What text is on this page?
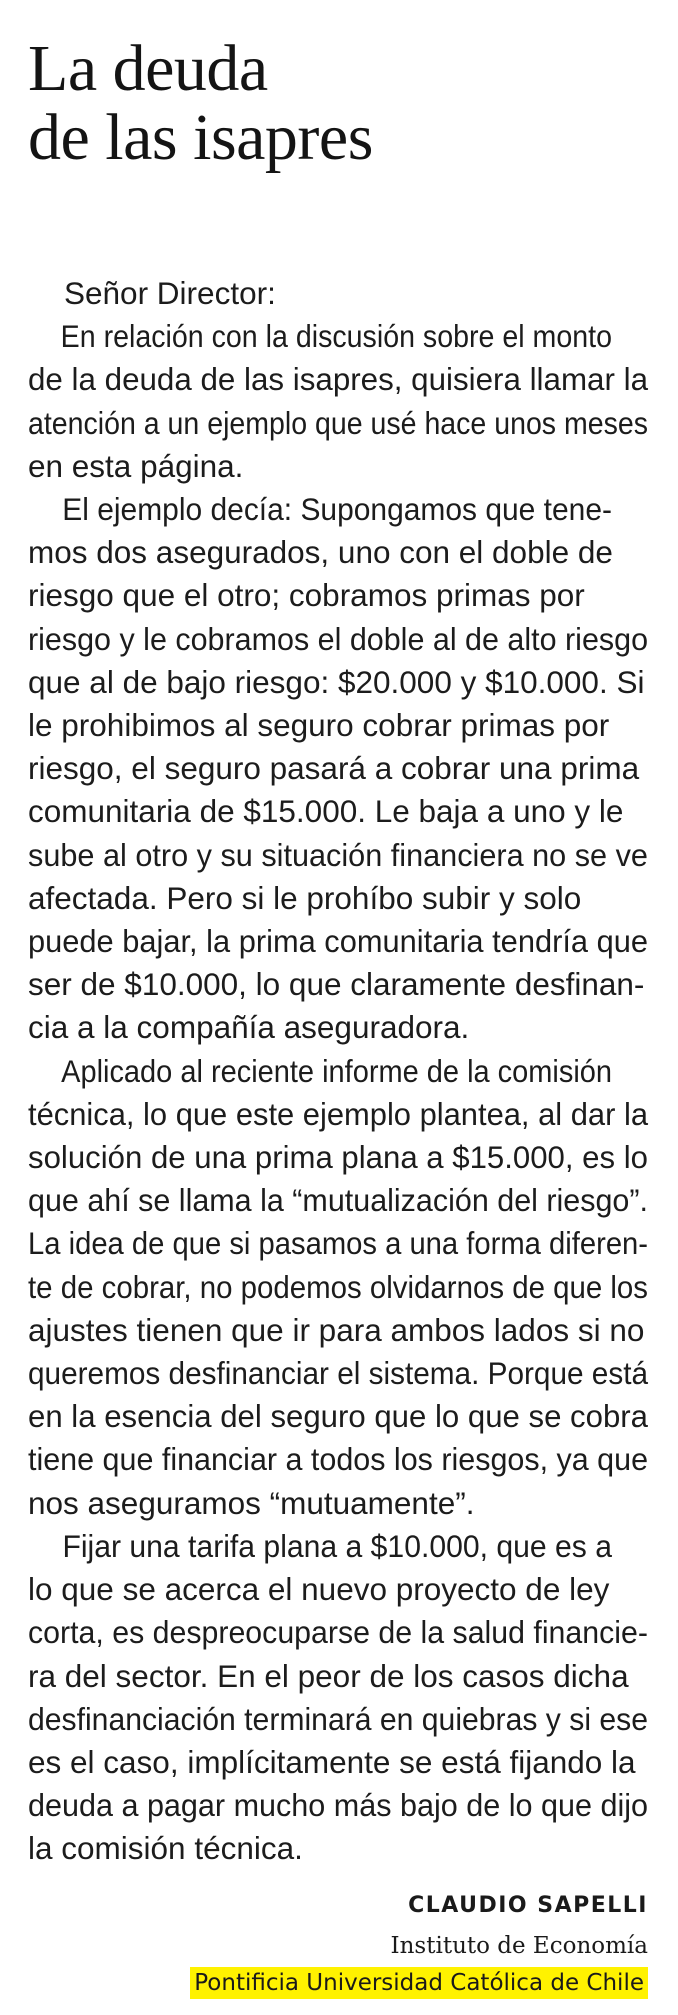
La deuda
de las isapres

Señor Director:

En relación con la discusión sobre el monto
de la deuda de las isapres, quisiera llamar la
atención a un ejemplo que usé hace unos meses
en esta página.

El ejemplo decía: Supongamos que tene-
mos dos asegurados, uno con el doble de
riesgo que el otro; cobramos primas por
riesgo y le cobramos el doble al de alto riesgo
que al de bajo riesgo: $20.000 y $10.000. Si
le prohibimos al seguro cobrar primas por
riesgo, el seguro pasará a cobrar una prima
comunitaria de $15.000. Le baja a uno y le
sube al otro y su situación financiera no se ve
afectada. Pero si le prohíbo subir y solo
puede bajar, la prima comunitaria tendría que
ser de $10.000, lo que claramente desfinan-
cia a la compañía aseguradora.

Aplicado al reciente informe de la comisión
técnica, lo que este ejemplo plantea, al dar la
solución de una prima plana a $15.000, es lo
que ahí se llama la “mutualización del riesgo”.
La idea de que si pasamos a una forma diferen-
te de cobrar, no podemos olvidarnos de que los
ajustes tienen que ir para ambos lados si no
queremos desfinanciar el sistema. Porque está
en la esencia del seguro que lo que se cobra
tiene que financiar a todos los riesgos, ya que
nos aseguramos “mutuamente”.

Fijar una tarifa plana a $10.000, que es a
lo que se acerca el nuevo proyecto de ley
corta, es despreocuparse de la salud financie-
ra del sector. En el peor de los casos dicha
desfinanciación terminará en quiebras y si ese
es el caso, implícitamente se está fijando la
deuda a pagar mucho más bajo de lo que dijo
la comisión técnica.

CLAUDIO SAPELLI
Instituto de Economía
Pontificia Universidad Católica de Chile
